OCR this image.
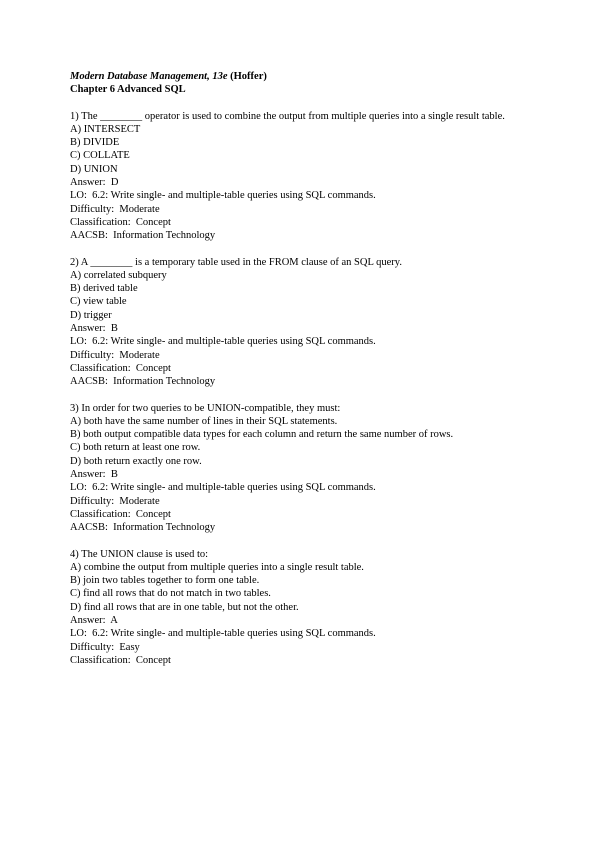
Modern Database Management, 13e (Hoffer)
Chapter 6 Advanced SQL
1) The ________ operator is used to combine the output from multiple queries into a single result table.
A) INTERSECT
B) DIVIDE
C) COLLATE
D) UNION
Answer:  D
LO:  6.2: Write single- and multiple-table queries using SQL commands.
Difficulty:  Moderate
Classification:  Concept
AACSB:  Information Technology
2) A ________ is a temporary table used in the FROM clause of an SQL query.
A) correlated subquery
B) derived table
C) view table
D) trigger
Answer:  B
LO:  6.2: Write single- and multiple-table queries using SQL commands.
Difficulty:  Moderate
Classification:  Concept
AACSB:  Information Technology
3) In order for two queries to be UNION-compatible, they must:
A) both have the same number of lines in their SQL statements.
B) both output compatible data types for each column and return the same number of rows.
C) both return at least one row.
D) both return exactly one row.
Answer:  B
LO:  6.2: Write single- and multiple-table queries using SQL commands.
Difficulty:  Moderate
Classification:  Concept
AACSB:  Information Technology
4) The UNION clause is used to:
A) combine the output from multiple queries into a single result table.
B) join two tables together to form one table.
C) find all rows that do not match in two tables.
D) find all rows that are in one table, but not the other.
Answer:  A
LO:  6.2: Write single- and multiple-table queries using SQL commands.
Difficulty:  Easy
Classification:  Concept
